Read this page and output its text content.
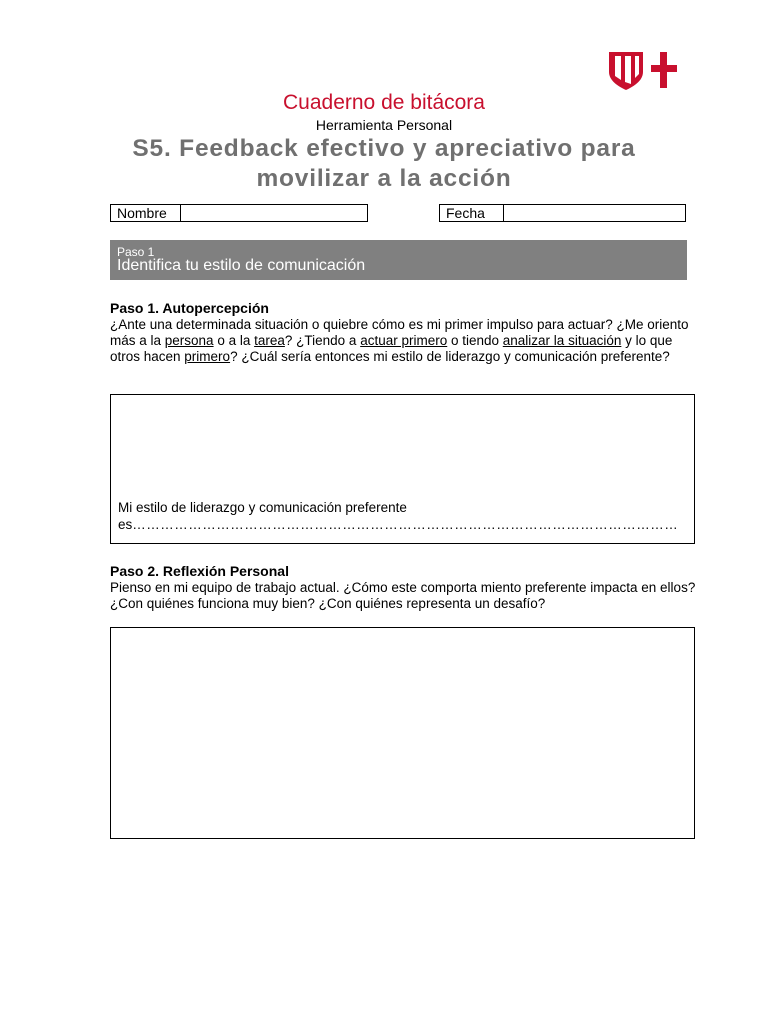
Cuaderno de bitácora
Herramienta Personal
S5. Feedback efectivo y apreciativo para
movilizar a la acción
Nombre	Fecha
Paso 1
Identifica tu estilo de comunicación
Paso 1. Autopercepción
¿Ante una determinada situación o quiebre cómo es mi primer impulso para actuar? ¿Me oriento más a la persona o a la tarea? ¿Tiendo a actuar primero o tiendo analizar la situación y lo que otros hacen primero? ¿Cuál sería entonces mi estilo de liderazgo y comunicación preferente?
Mi estilo de liderazgo y comunicación preferente
es………………………………………………………………………………………………………
Paso 2. Reflexión Personal
Pienso en mi equipo de trabajo actual. ¿Cómo este comporta miento preferente impacta en ellos? ¿Con quiénes funciona muy bien? ¿Con quiénes representa un desafío?
